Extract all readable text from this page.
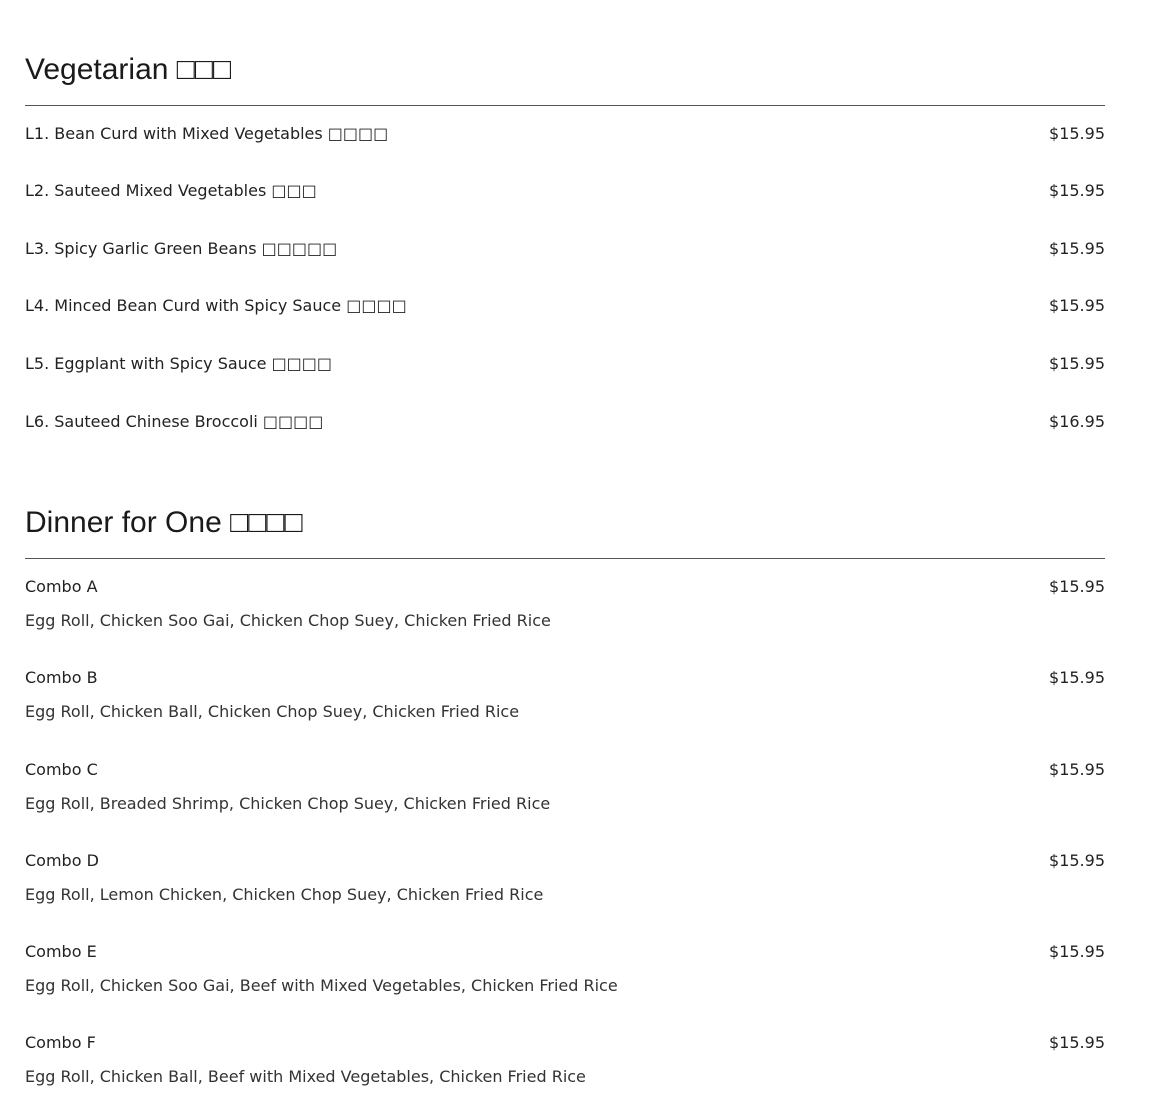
Vegetarian □□□
L1. Bean Curd with Mixed Vegetables □□□□	$15.95
L2. Sauteed Mixed Vegetables □□□	$15.95
L3. Spicy Garlic Green Beans □□□□□	$15.95
L4. Minced Bean Curd with Spicy Sauce □□□□	$15.95
L5. Eggplant with Spicy Sauce □□□□	$15.95
L6. Sauteed Chinese Broccoli □□□□	$16.95
Dinner for One □□□□
Combo A	$15.95
Egg Roll, Chicken Soo Gai, Chicken Chop Suey, Chicken Fried Rice
Combo B	$15.95
Egg Roll, Chicken Ball, Chicken Chop Suey, Chicken Fried Rice
Combo C	$15.95
Egg Roll, Breaded Shrimp, Chicken Chop Suey, Chicken Fried Rice
Combo D	$15.95
Egg Roll, Lemon Chicken, Chicken Chop Suey, Chicken Fried Rice
Combo E	$15.95
Egg Roll, Chicken Soo Gai, Beef with Mixed Vegetables, Chicken Fried Rice
Combo F	$15.95
Egg Roll, Chicken Ball, Beef with Mixed Vegetables, Chicken Fried Rice
